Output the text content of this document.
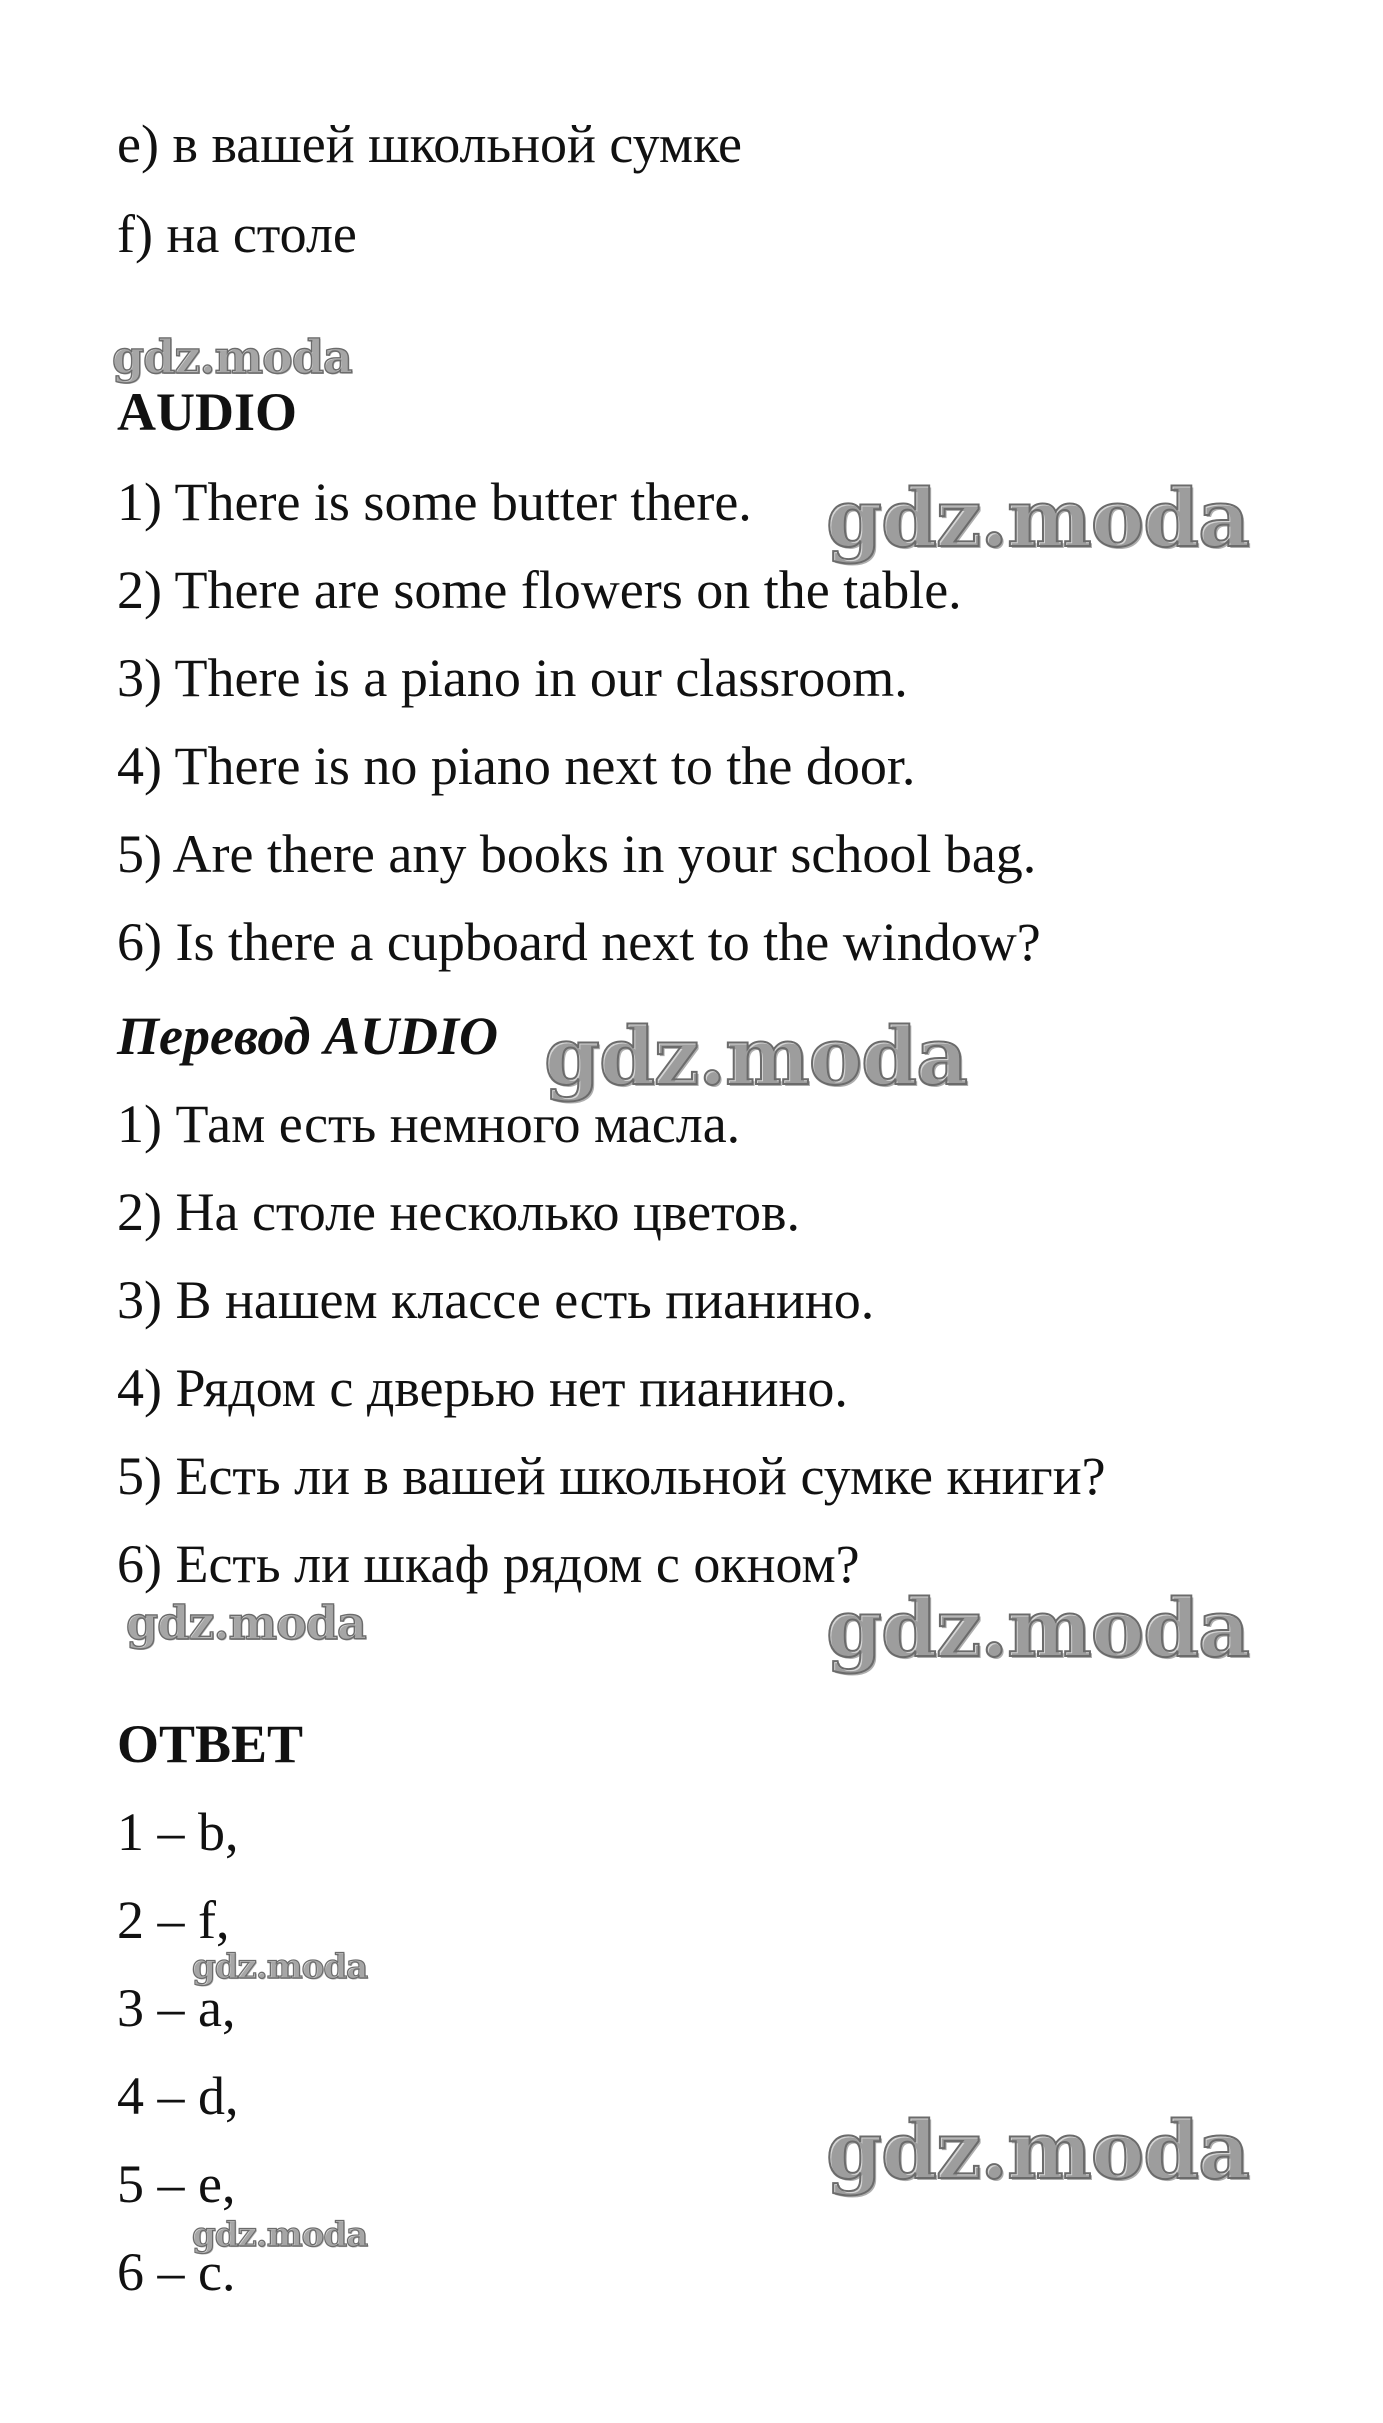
e) в вашей школьной сумке
f) на столе
AUDIO
1) There is some butter there.
2) There are some flowers on the table.
3) There is a piano in our classroom.
4) There is no piano next to the door.
5) Are there any books in your school bag.
6) Is there a cupboard next to the window?
Перевод AUDIO
1) Там есть немного масла.
2) На столе несколько цветов.
3) В нашем классе есть пианино.
4) Рядом с дверью нет пианино.
5) Есть ли в вашей школьной сумке книги?
6) Есть ли шкаф рядом с окном?
ОТВЕТ
1 – b,
2 – f,
3 – a,
4 – d,
5 – e,
6 – c.
gdz.moda
gdz.moda
gdz.moda
gdz.moda	gdz.moda
gdz.moda
gdz.moda
gdz.moda
